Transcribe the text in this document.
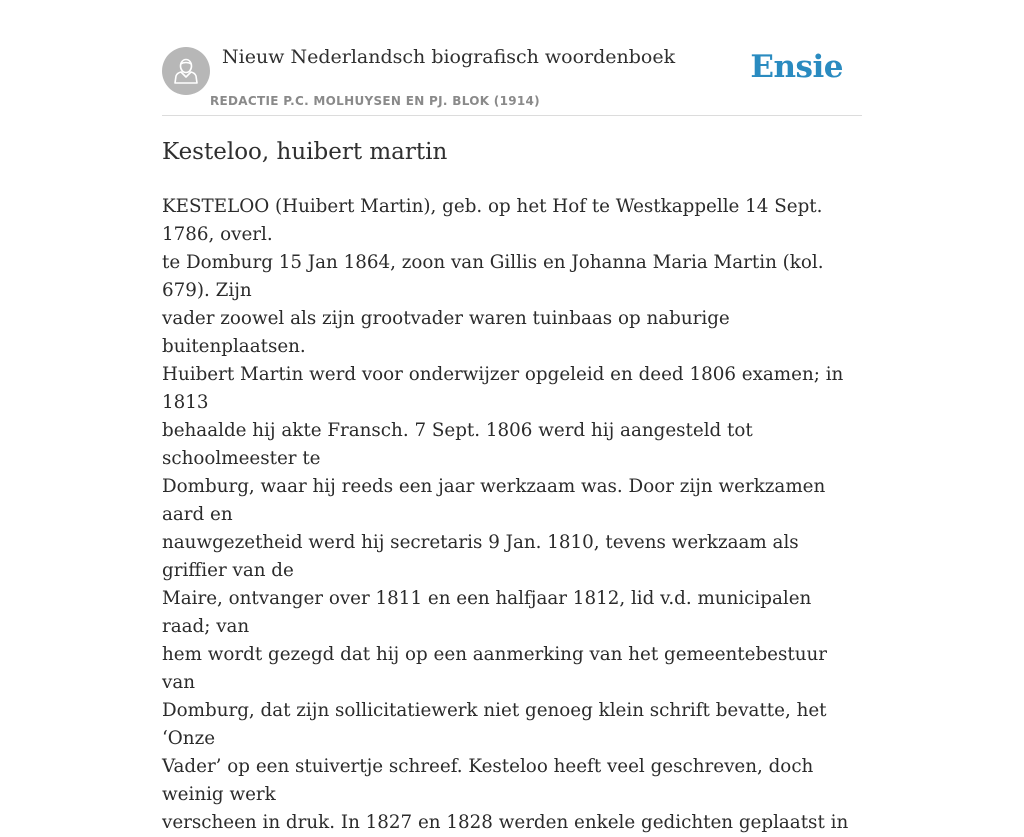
Nieuw Nederlandsch biografisch woordenboek
REDACTIE P.C. MOLHUYSEN EN PJ. BLOK (1914)
Ensie
Kesteloo, huibert martin

KESTELOO (Huibert Martin), geb. op het Hof te Westkappelle 14 Sept. 1786, overl.
te Domburg 15 Jan 1864, zoon van Gillis en Johanna Maria Martin (kol. 679). Zijn
vader zoowel als zijn grootvader waren tuinbaas op naburige buitenplaatsen.
Huibert Martin werd voor onderwijzer opgeleid en deed 1806 examen; in 1813
behaalde hij akte Fransch. 7 Sept. 1806 werd hij aangesteld tot schoolmeester te
Domburg, waar hij reeds een jaar werkzaam was. Door zijn werkzamen aard en
nauwgezetheid werd hij secretaris 9 Jan. 1810, tevens werkzaam als griffier van de
Maire, ontvanger over 1811 en een halfjaar 1812, lid v.d. municipalen raad; van
hem wordt gezegd dat hij op een aanmerking van het gemeentebestuur van
Domburg, dat zijn sollicitatiewerk niet genoeg klein schrift bevatte, het ‘Onze
Vader’ op een stuivertje schreef. Kesteloo heeft veel geschreven, doch weinig werk
verscheen in druk. In 1827 en 1828 werden enkele gedichten geplaatst in
